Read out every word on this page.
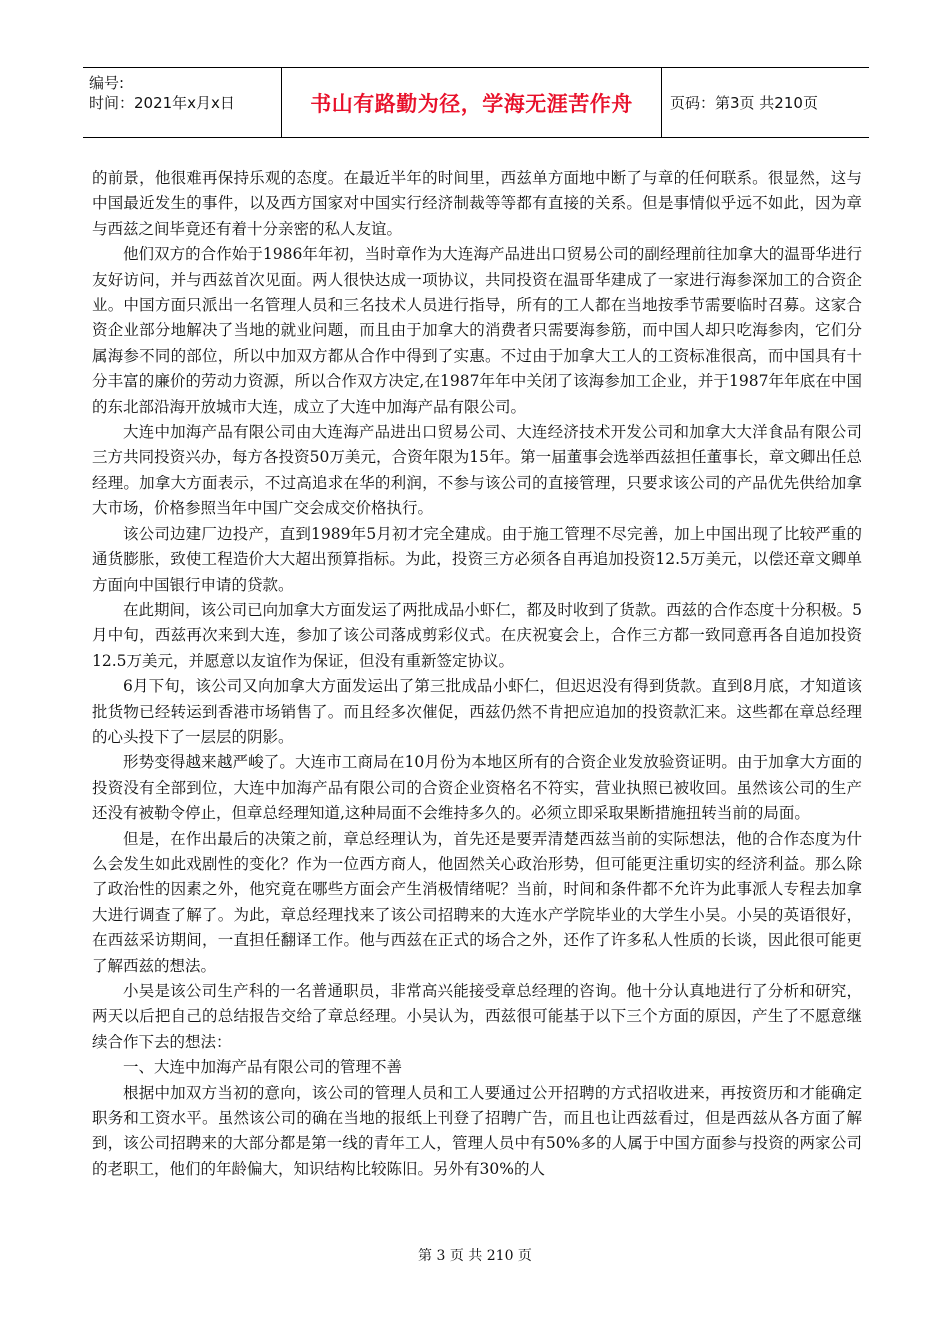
编号:
时间：2021年x月x日	书山有路勤为径，学海无涯苦作舟	页码：第3页 共210页

的前景，他很难再保持乐观的态度。在最近半年的时间里，西兹单方面地中断了与章的任何联系。很显然，这与中国最近发生的事件，以及西方国家对中国实行经济制裁等等都有直接的关系。但是事情似乎远不如此，因为章与西兹之间毕竟还有着十分亲密的私人友谊。

他们双方的合作始于1986年年初，当时章作为大连海产品进出口贸易公司的副经理前往加拿大的温哥华进行友好访问，并与西兹首次见面。两人很快达成一项协议，共同投资在温哥华建成了一家进行海参深加工的合资企业。中国方面只派出一名管理人员和三名技术人员进行指导，所有的工人都在当地按季节需要临时召募。这家合资企业部分地解决了当地的就业问题，而且由于加拿大的消费者只需要海参筋，而中国人却只吃海参肉，它们分属海参不同的部位，所以中加双方都从合作中得到了实惠。不过由于加拿大工人的工资标准很高，而中国具有十分丰富的廉价的劳动力资源，所以合作双方决定,在1987年年中关闭了该海参加工企业，并于1987年年底在中国的东北部沿海开放城市大连，成立了大连中加海产品有限公司。

大连中加海产品有限公司由大连海产品进出口贸易公司、大连经济技术开发公司和加拿大大洋食品有限公司三方共同投资兴办，每方各投资50万美元，合资年限为15年。第一届董事会选举西兹担任董事长，章文卿出任总经理。加拿大方面表示，不过高追求在华的利润，不参与该公司的直接管理，只要求该公司的产品优先供给加拿大市场，价格参照当年中国广交会成交价格执行。

该公司边建厂边投产，直到1989年5月初才完全建成。由于施工管理不尽完善，加上中国出现了比较严重的通货膨胀，致使工程造价大大超出预算指标。为此，投资三方必须各自再追加投资12.5万美元，以偿还章文卿单方面向中国银行申请的贷款。

在此期间，该公司已向加拿大方面发运了两批成品小虾仁，都及时收到了货款。西兹的合作态度十分积极。5月中旬，西兹再次来到大连，参加了该公司落成剪彩仪式。在庆祝宴会上，合作三方都一致同意再各自追加投资12.5万美元，并愿意以友谊作为保证，但没有重新签定协议。

6月下旬，该公司又向加拿大方面发运出了第三批成品小虾仁，但迟迟没有得到货款。直到8月底，才知道该批货物已经转运到香港市场销售了。而且经多次催促，西兹仍然不肯把应追加的投资款汇来。这些都在章总经理的心头投下了一层层的阴影。

形势变得越来越严峻了。大连市工商局在10月份为本地区所有的合资企业发放验资证明。由于加拿大方面的投资没有全部到位，大连中加海产品有限公司的合资企业资格名不符实，营业执照已被收回。虽然该公司的生产还没有被勒令停止，但章总经理知道,这种局面不会维持多久的。必须立即采取果断措施扭转当前的局面。

但是，在作出最后的决策之前，章总经理认为，首先还是要弄清楚西兹当前的实际想法，他的合作态度为什么会发生如此戏剧性的变化？作为一位西方商人，他固然关心政治形势，但可能更注重切实的经济利益。那么除了政治性的因素之外，他究竟在哪些方面会产生消极情绪呢？当前，时间和条件都不允许为此事派人专程去加拿大进行调查了解了。为此，章总经理找来了该公司招聘来的大连水产学院毕业的大学生小吴。小吴的英语很好，在西兹采访期间，一直担任翻译工作。他与西兹在正式的场合之外，还作了许多私人性质的长谈，因此很可能更了解西兹的想法。

小吴是该公司生产科的一名普通职员，非常高兴能接受章总经理的咨询。他十分认真地进行了分析和研究，两天以后把自己的总结报告交给了章总经理。小吴认为，西兹很可能基于以下三个方面的原因，产生了不愿意继续合作下去的想法：

一、大连中加海产品有限公司的管理不善

根据中加双方当初的意向，该公司的管理人员和工人要通过公开招聘的方式招收进来，再按资历和才能确定职务和工资水平。虽然该公司的确在当地的报纸上刊登了招聘广告，而且也让西兹看过，但是西兹从各方面了解到，该公司招聘来的大部分都是第一线的青年工人，管理人员中有50%多的人属于中国方面参与投资的两家公司的老职工，他们的年龄偏大，知识结构比较陈旧。另外有30%的人

第 3 页 共 210 页
